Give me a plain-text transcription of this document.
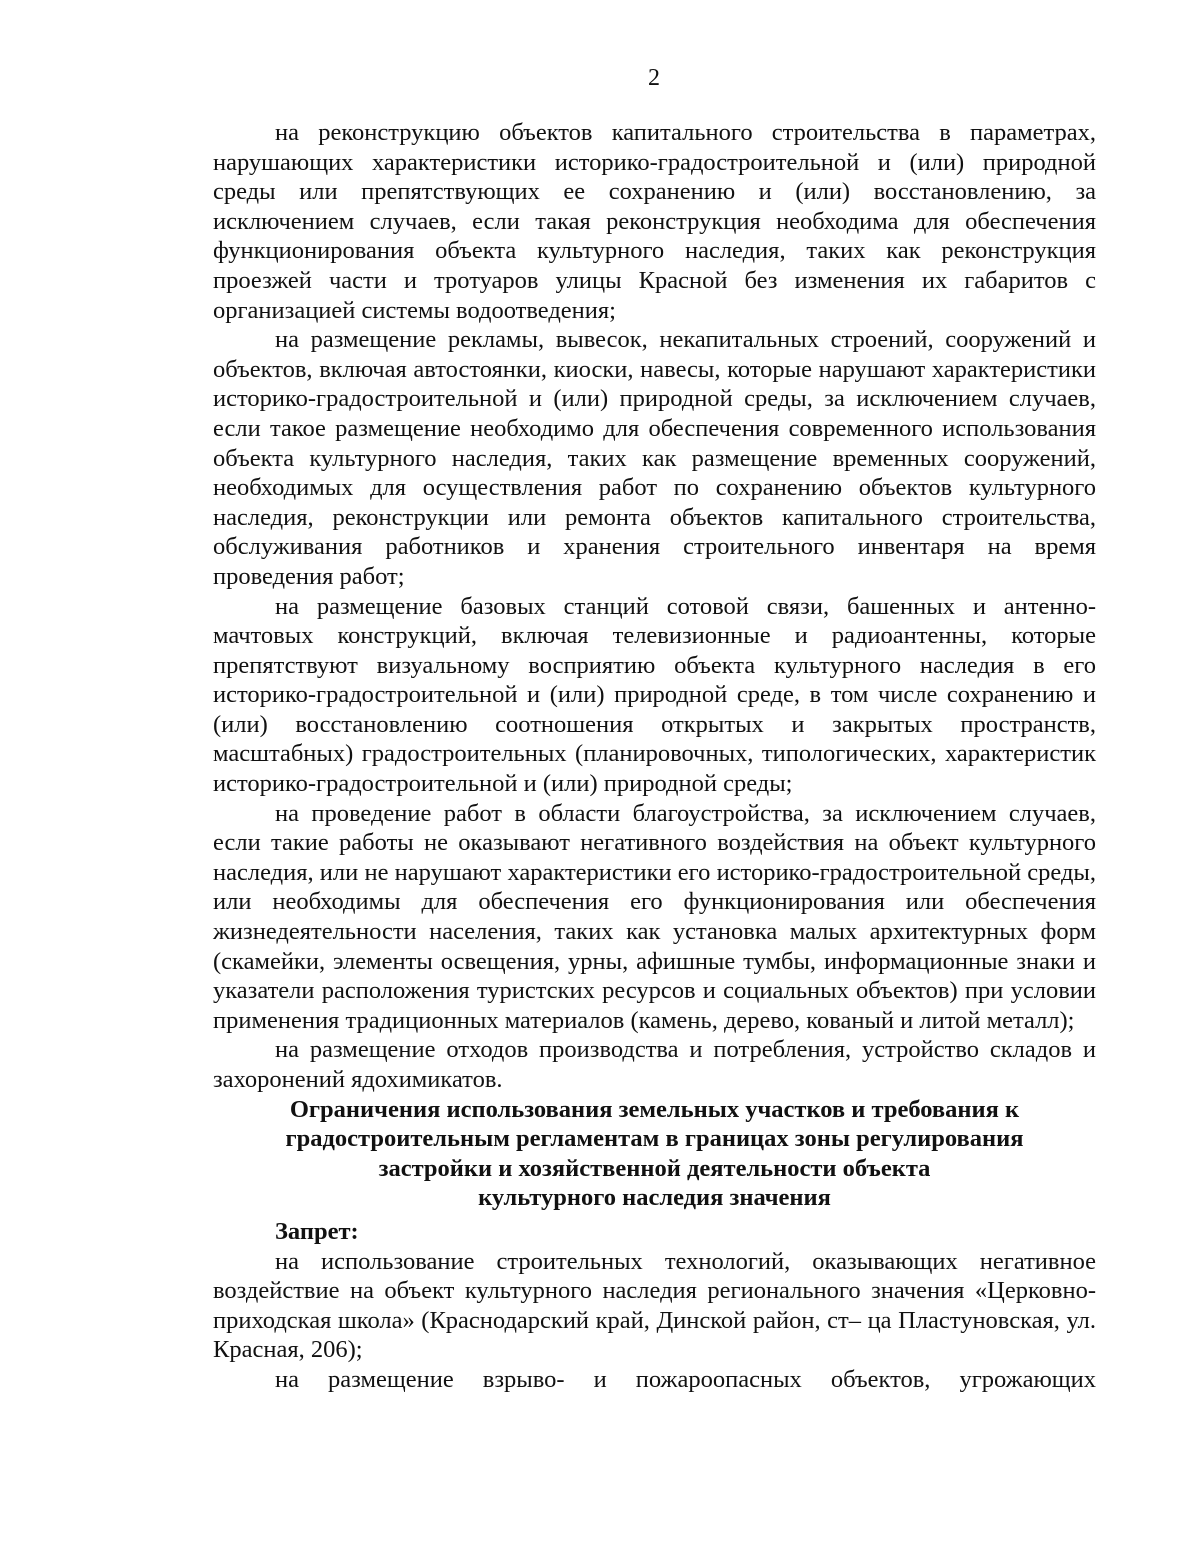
2

на реконструкцию объектов капитального строительства в параметрах, нарушающих характеристики историко-градостроительной и (или) природной среды или препятствующих ее сохранению и (или) восстановлению, за исключением случаев, если такая реконструкция необходима для обеспечения функционирования объекта культурного наследия, таких как реконструкция проезжей части и тротуаров улицы Красной без изменения их габаритов с организацией системы водоотведения;

на размещение рекламы, вывесок, некапитальных строений, сооружений и объектов, включая автостоянки, киоски, навесы, которые нарушают характеристики историко-градостроительной и (или) природной среды, за исключением случаев, если такое размещение необходимо для обеспечения современного использования объекта культурного наследия, таких как размещение временных сооружений, необходимых для осуществления работ по сохранению объектов культурного наследия, реконструкции или ремонта объектов капитального строительства, обслуживания работников и хранения строительного инвентаря на время проведения работ;

на размещение базовых станций сотовой связи, башенных и антенно-мачтовых конструкций, включая телевизионные и радиоантенны, которые препятствуют визуальному восприятию объекта культурного наследия в его историко-градостроительной и (или) природной среде, в том числе сохранению и (или) восстановлению соотношения открытых и закрытых пространств, масштабных) градостроительных (планировочных, типологических, характеристик историко-градостроительной и (или) природной среды;

на проведение работ в области благоустройства, за исключением случаев, если такие работы не оказывают негативного воздействия на объект культурного наследия, или не нарушают характеристики его историко-градостроительной среды, или необходимы для обеспечения его функционирования или обеспечения жизнедеятельности населения, таких как установка малых архитектурных форм (скамейки, элементы освещения, урны, афишные тумбы, информационные знаки и указатели расположения туристских ресурсов и социальных объектов) при условии применения традиционных материалов (камень, дерево, кованый и литой металл);

на размещение отходов производства и потребления, устройство складов и захоронений ядохимикатов.

Ограничения использования земельных участков и требования к
градостроительным регламентам в границах зоны регулирования
застройки и хозяйственной деятельности объекта
культурного наследия значения

Запрет:

на использование строительных технологий, оказывающих негативное воздействие на объект культурного наследия регионального значения «Церковно-приходская школа» (Краснодарский край, Динской район, ст– ца Пластуновская, ул. Красная, 206);

на размещение взрыво- и пожароопасных объектов, угрожающих
